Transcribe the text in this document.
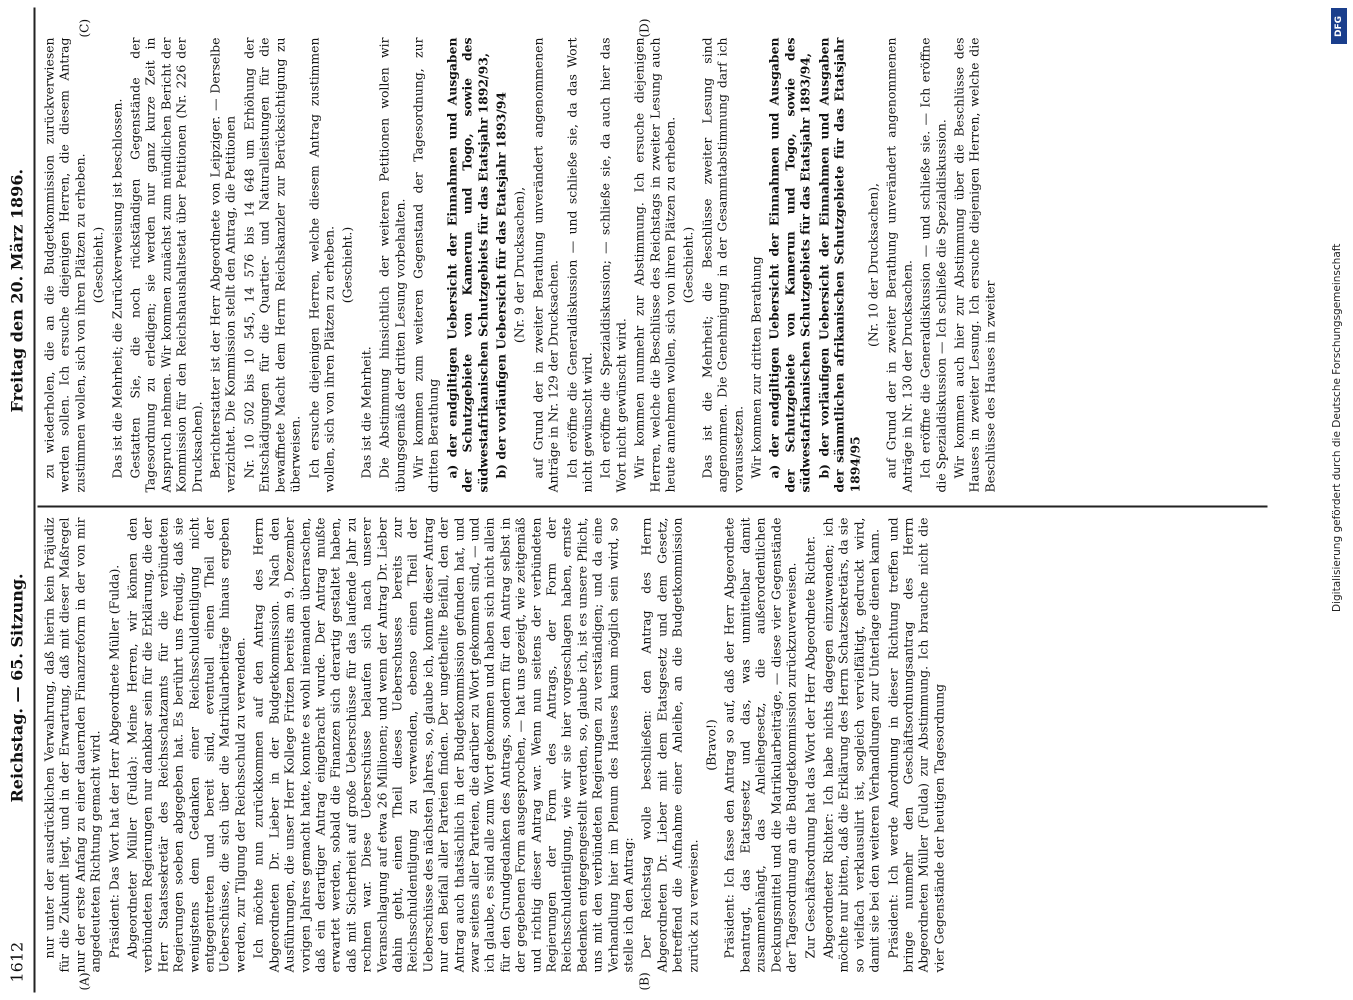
1612
Reichstag. — 65. Sitzung.
Freitag den 20. März 1896.

nur unter der ausdrücklichen Verwahrung, daß hierin kein Präjudiz für die Zukunft liegt, und in der Erwartung, daß mit dieser Maßregel nur der erste Anfang zu einer dauernden Finanzreform in der von mir angedeuteten Richtung gemacht wird. Präsident: Das Wort hat der Herr Abgeordnete Müller (Fulda). Abgeordneter Müller (Fulda): Meine Herren, wir können den verbündeten Regierungen nur dankbar sein für die Erklärung, die der Herr Staatssekretär des Reichsschatzamts für die verbündeten Regierungen soeben abgegeben hat. Es berührt uns freudig, daß sie wenigstens dem Gedanken einer Reichsschuldentilgung nicht entgegentreten und bereit sind, eventuell einen Theil der Ueberschüsse, die sich über die Matrikularbeiträge hinaus ergeben werden, zur Tilgung der Reichsschuld zu verwenden. Ich möchte nun zurückkommen auf den Antrag des Herrn Abgeordneten Dr. Lieber in der Budgetkommission. Nach den Ausführungen, die unser Herr Kollege Fritzen bereits am 9. Dezember vorigen Jahres gemacht hatte, konnte es wohl niemanden überraschen, daß ein derartiger Antrag eingebracht wurde. Der Antrag mußte erwartet werden, sobald die Finanzen sich derartig gestaltet haben, daß mit Sicherheit auf große Ueberschüsse für das laufende Jahr zu rechnen war. Diese Ueberschüsse belaufen sich nach unserer Veranschlagung auf etwa 26 Millionen; und wenn der Antrag Dr. Lieber dahin geht, einen Theil dieses Ueberschusses bereits zur Reichsschuldentilgung zu verwenden, ebenso einen Theil der Ueberschüsse des nächsten Jahres, so, glaube ich, konnte dieser Antrag nur den Beifall aller Parteien finden. Der ungetheilte Beifall, den der Antrag auch thatsächlich in der Budgetkommission gefunden hat, und zwar seitens aller Parteien, die darüber zu Wort gekommen sind, — und ich glaube, es sind alle zum Wort gekommen und haben sich nicht allein für den Grundgedanken des Antrags, sondern für den Antrag selbst in der gegebenen Form ausgesprochen, — hat uns gezeigt, wie zeitgemäß und richtig dieser Antrag war. Wenn nun seitens der verbündeten Regierungen der Form des Antrags, der Form der Reichsschuldentilgung, wie wir sie hier vorgeschlagen haben, ernste Bedenken entgegengestellt werden, so, glaube ich, ist es unsere Pflicht, uns mit den verbündeten Regierungen zu verständigen; und da eine Verhandlung hier im Plenum des Hauses kaum möglich sein wird, so stelle ich den Antrag: Der Reichstag wolle beschließen: den Antrag des Herrn Abgeordneten Dr. Lieber mit dem Etatsgesetz und dem Gesetz, betreffend die Aufnahme einer Anleihe, an die Budgetkommission zurück zu verweisen.

(Bravo!) Präsident: Ich fasse den Antrag so auf, daß der Herr Abgeordnete beantragt, das Etatsgesetz und das, was unmittelbar damit zusammenhängt, das Anleihegesetz, die außerordentlichen Deckungsmittel und die Matrikularbeiträge, — diese vier Gegenstände der Tagesordnung an die Budgetkommission zurückzuverweisen. Zur Geschäftsordnung hat das Wort der Herr Abgeordnete Richter. Abgeordneter Richter: Ich habe nichts dagegen einzuwenden; ich möchte nur bitten, daß die Erklärung des Herrn Schatzsekretärs, da sie so vielfach verklausulirt ist, sogleich vervielfältigt, gedruckt wird, damit sie bei den weiteren Verhandlungen zur Unterlage dienen kann. Präsident: Ich werde Anordnung in dieser Richtung treffen und bringe nunmehr den Geschäftsordnungsantrag des Herrn Abgeordneten Müller (Fulda) zur Abstimmung. Ich brauche nicht die vier Gegenstände der heutigen Tagesordnung

zu wiederholen, die an die Budgetkommission zurückverwiesen werden sollen. Ich ersuche diejenigen Herren, die diesem Antrag zustimmen wollen, sich von ihren Plätzen zu erheben. (Geschieht.) Das ist die Mehrheit; die Zurückverweisung ist beschlossen. Gestatten Sie, die noch rückständigen Gegenstände der Tagesordnung zu erledigen; sie werden nur ganz kurze Zeit in Anspruch nehmen. Wir kommen zunächst zum mündlichen Bericht der Kommission für den Reichshaushaltsetat über Petitionen (Nr. 226 der Drucksachen). Berichterstatter ist der Herr Abgeordnete von Leipziger. — Derselbe verzichtet. Die Kommission stellt den Antrag, die Petitionen Nr. 10 502 bis 10 545, 14 576 bis 14 648 um Erhöhung der Entschädigungen für die Quartier- und Naturalleistungen für die bewaffnete Macht dem Herrn Reichskanzler zur Berücksichtigung zu überweisen. Ich ersuche diejenigen Herren, welche diesem Antrag zustimmen wollen, sich von ihren Plätzen zu erheben. (Geschieht.)

Das ist die Mehrheit. Die Abstimmung hinsichtlich der weiteren Petitionen wollen wir übungsgemäß der dritten Lesung vorbehalten. Wir kommen zum weiteren Gegenstand der Tagesordnung, zur dritten Berathung a) der endgiltigen Uebersicht der Einnahmen und Ausgaben der Schutzgebiete von Kamerun und Togo, sowie des südwestafrikanischen Schutzgebiets für das Etatsjahr 1892/93, b) der vorläufigen Uebersicht für das Etatsjahr 1893/94 (Nr. 9 der Drucksachen), auf Grund der in zweiter Berathung unverändert angenommenen Anträge in Nr. 129 der Drucksachen. Ich eröffne die Generaldiskussion — und schließe sie, da das Wort nicht gewünscht wird. Ich eröffne die Spezialdiskussion; — schließe sie, da auch hier das Wort nicht gewünscht wird. Wir kommen nunmehr zur Abstimmung. Ich ersuche diejenigen Herren, welche die Beschlüsse des Reichstags in zweiter Lesung auch heute annehmen wollen, sich von ihren Plätzen zu erheben. (Geschieht.) Das ist die Mehrheit; die Beschlüsse zweiter Lesung sind angenommen. Die Genehmigung in der Gesammtabstimmung darf ich voraussetzen. Wir kommen zur dritten Berathung a) der endgiltigen Uebersicht der Einnahmen und Ausgaben der Schutzgebiete von Kamerun und Togo, sowie des südwestafrikanischen Schutzgebiets für das Etatsjahr 1893/94, b) der vorläufigen Uebersicht der Einnahmen und Ausgaben der sämmtlichen afrikanischen Schutzgebiete für das Etatsjahr 1894/95

(Nr. 10 der Drucksachen), auf Grund der in zweiter Berathung unverändert angenommenen Anträge in Nr. 130 der Drucksachen. Ich eröffne die Generaldiskussion — und schließe sie. — Ich eröffne die Spezialdiskussion — Ich schließe die Spezialdiskussion. Wir kommen auch hier zur Abstimmung über die Beschlüsse des Hauses in zweiter Lesung. Ich ersuche diejenigen Herren, welche die Beschlüsse des Hauses in zweiter

(A)	(B)
(C)	(D)	DFG
Digitalisierung gefördert durch die Deutsche Forschungsgemeinschaft
